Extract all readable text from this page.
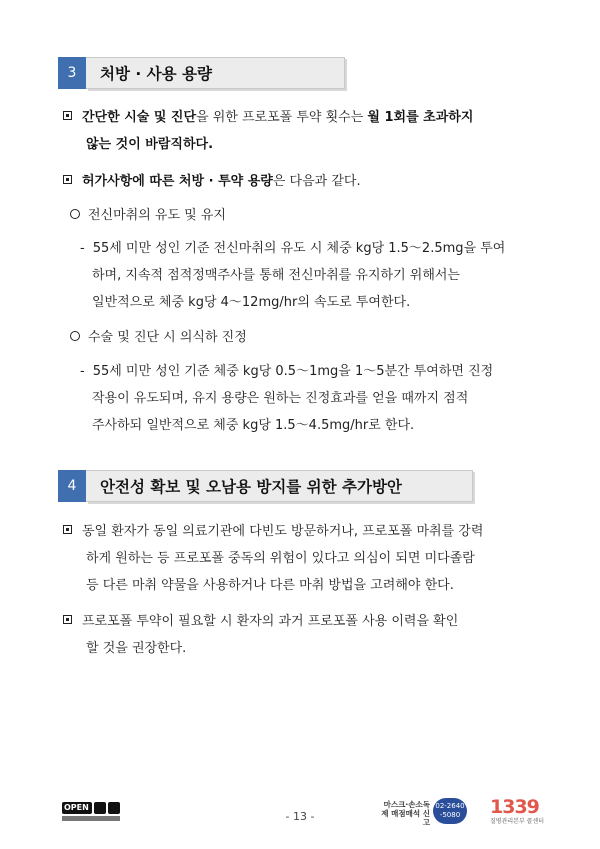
3	처방 · 사용 용량
간단한 시술 및 진단을 위한 프로포폴 투약 횟수는 월 1회를 초과하지
않는 것이 바람직하다.
허가사항에 따른 처방 · 투약 용량은 다음과 같다.
전신마취의 유도 및 유지
- 55세 미만 성인 기준 전신마취의 유도 시 체중 kg당 1.5～2.5mg을 투여
하며, 지속적 점적정맥주사를 통해 전신마취를 유지하기 위해서는
일반적으로 체중 kg당 4～12mg/hr의 속도로 투여한다.
수술 및 진단 시 의식하 진정
- 55세 미만 성인 기준 체중 kg당 0.5～1mg을 1～5분간 투여하면 진정
작용이 유도되며, 유지 용량은 원하는 진정효과를 얻을 때까지 점적
주사하되 일반적으로 체중 kg당 1.5～4.5mg/hr로 한다.
4	안전성 확보 및 오남용 방지를 위한 추가방안
동일 환자가 동일 의료기관에 다빈도 방문하거나, 프로포폴 마취를 강력
하게 원하는 등 프로포폴 중독의 위험이 있다고 의심이 되면 미다졸람
등 다른 마취 약물을 사용하거나 다른 마취 방법을 고려해야 한다.
프로포폴 투약이 필요할 시 환자의 과거 프로포폴 사용 이력을 확인
할 것을 권장한다.
OPEN
- 13 -
마스크·손소독제 매점매석 신고
02-2640 -5080	1339
질병관리본부 콜센터
